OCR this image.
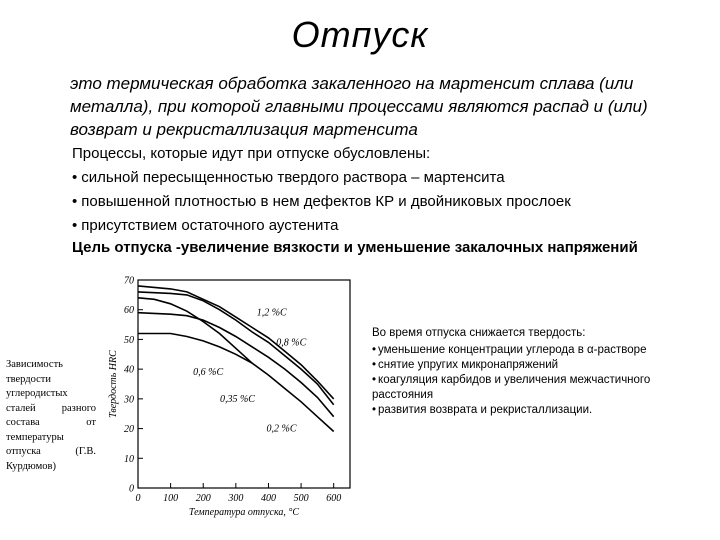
Отпуск
это термическая обработка закаленного на мартенсит сплава (или металла), при которой главными процессами являются распад и (или) возврат и рекристаллизация мартенсита
Процессы, которые идут при отпуске обусловлены:
• сильной пересыщенностью твердого раствора – мартенсита
• повышенной плотностью в нем дефектов КР и двойниковых прослоек
• присутствием остаточного аустенита
Цель отпуска -увеличение вязкости и уменьшение закалочных напряжений

Зависимость твердости углеродистых сталей разного состава от температуры отпуска (Г.В. Курдюмов)

0
10
20
30
40
50
60
70
0 100 200 300 400 500 600
Температура отпуска, °С
Твердость HRC
1,2 %С
0,8 %С
0,6 %С
0,35 %С
0,2 %С
Во время отпуска снижается твердость:
• уменьшение концентрации углерода в α-растворе
• снятие упругих микронапряжений
• коагуляция карбидов и увеличения межчастичного расстояния
• развития возврата и рекристаллизации.
